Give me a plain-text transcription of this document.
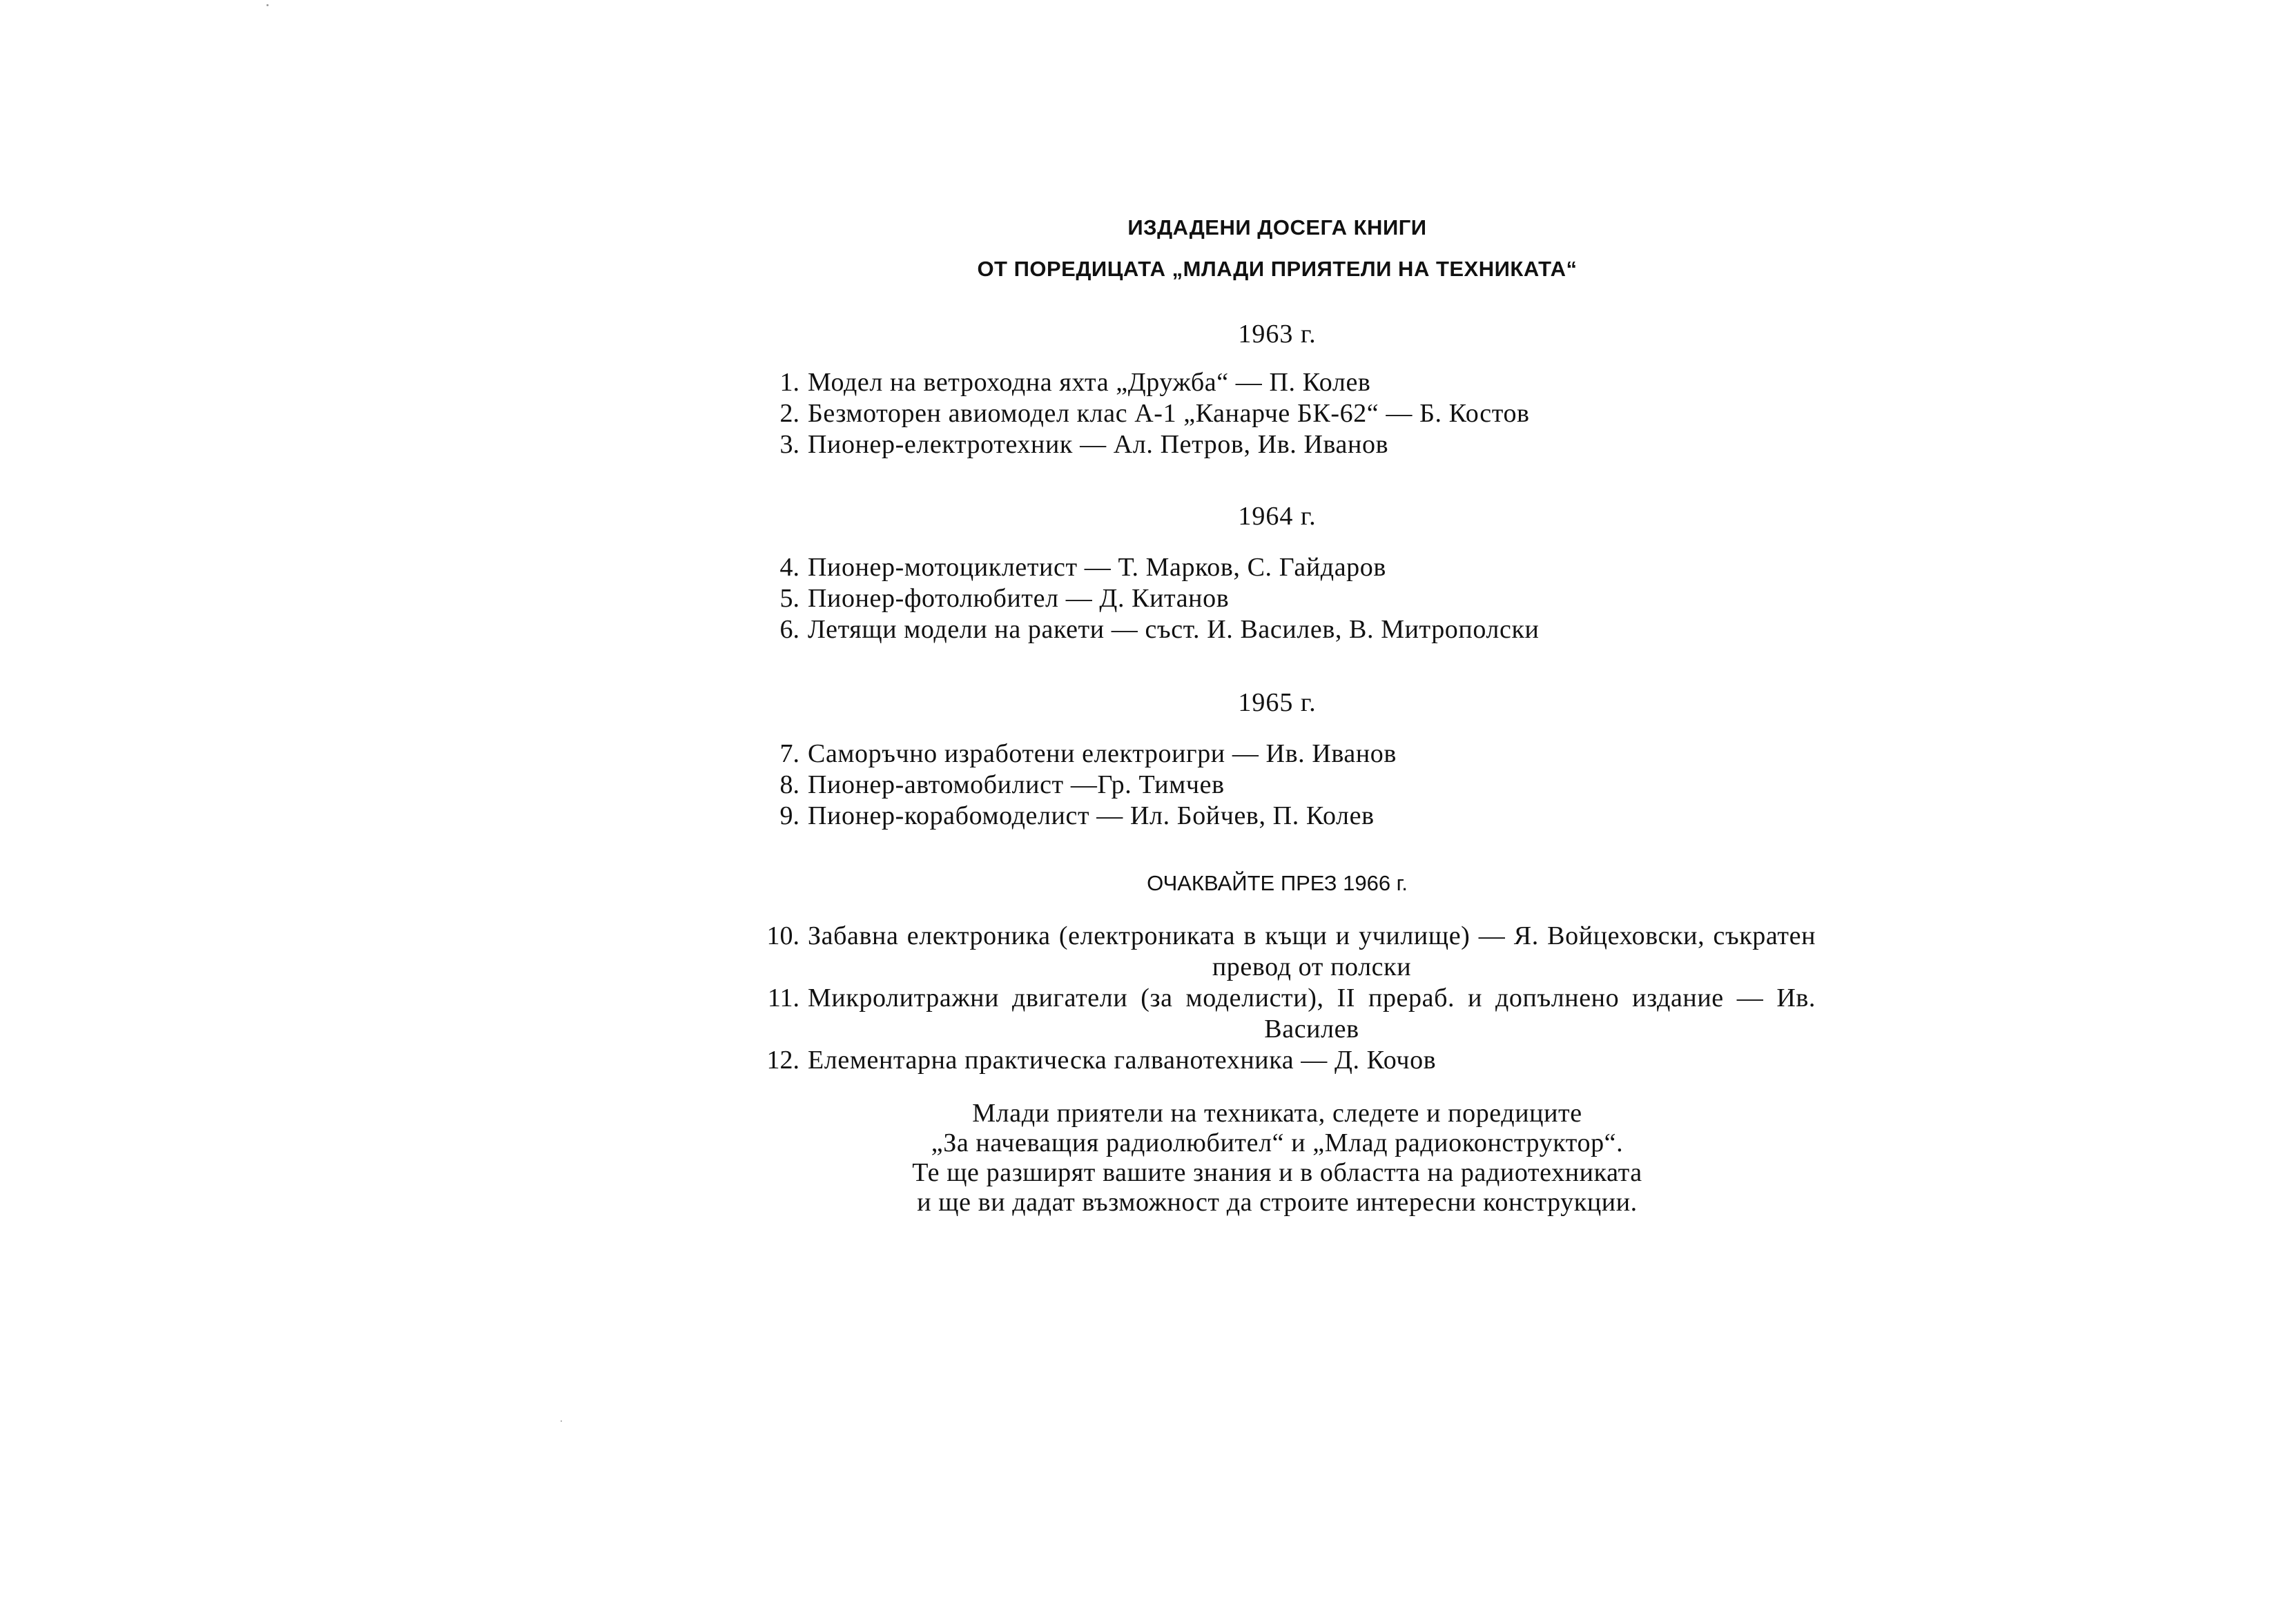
ИЗДАДЕНИ ДОСЕГА КНИГИ
ОТ ПОРЕДИЦАТА „МЛАДИ ПРИЯТЕЛИ НА ТЕХНИКАТА“
1963 г.
1. Модел на ветроходна яхта „Дружба“ — П. Колев
2. Безмоторен авиомодел клас А-1 „Канарче БК-62“ — Б. Костов
3. Пионер-електротехник — Ал. Петров, Ив. Иванов
1964 г.
4. Пионер-мотоциклетист — Т. Марков, С. Гайдаров
5. Пионер-фотолюбител — Д. Китанов
6. Летящи модели на ракети — съст. И. Василев, В. Митрополски
1965 г.
7. Саморъчно изработени електроигри — Ив. Иванов
8. Пионер-автомобилист —Гр. Тимчев
9. Пионер-корабомоделист — Ил. Бойчев, П. Колев
ОЧАКВАЙТЕ ПРЕЗ 1966 г.
10. Забавна електроника (електрониката в къщи и училище) — Я. Войцеховски, съкратен превод от полски
11. Микролитражни двигатели (за моделисти), II прераб. и допълнено издание — Ив. Василев
12. Елементарна практическа галванотехника — Д. Кочов
Млади приятели на техниката, следете и поредиците
„За начеващия радиолюбител“ и „Млад радиоконструктор“.
Те ще разширят вашите знания и в областта на радиотехниката
и ще ви дадат възможност да строите интересни конструкции.
